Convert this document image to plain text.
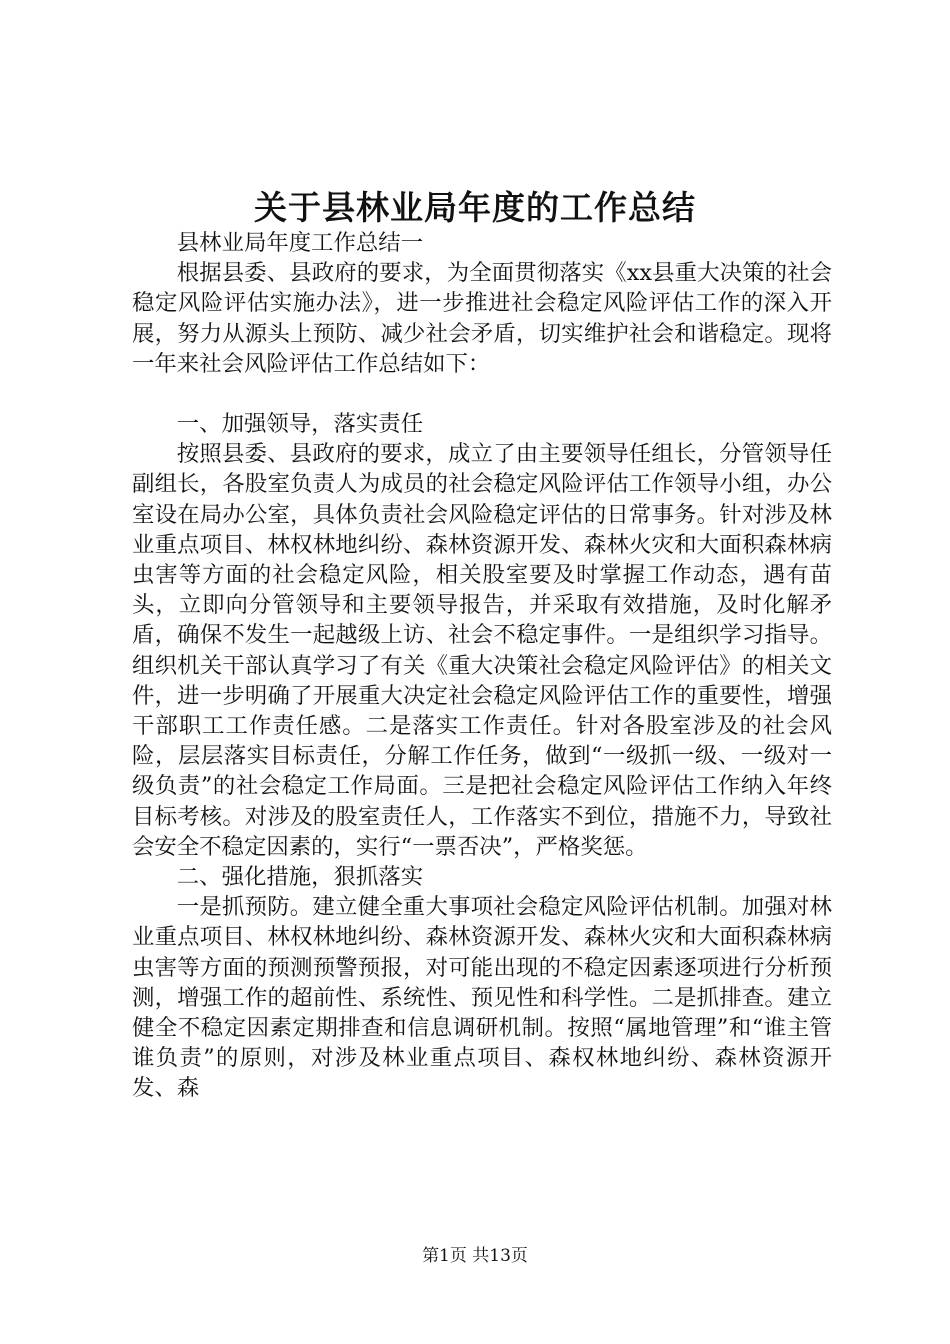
关于县林业局年度的工作总结

县林业局年度工作总结一

根据县委、县政府的要求，为全面贯彻落实《xx县重大决策的社会稳定风险评估实施办法》，进一步推进社会稳定风险评估工作的深入开展，努力从源头上预防、减少社会矛盾，切实维护社会和谐稳定。现将一年来社会风险评估工作总结如下：

一、加强领导，落实责任

按照县委、县政府的要求，成立了由主要领导任组长，分管领导任副组长，各股室负责人为成员的社会稳定风险评估工作领导小组，办公室设在局办公室，具体负责社会风险稳定评估的日常事务。针对涉及林业重点项目、林权林地纠纷、森林资源开发、森林火灾和大面积森林病虫害等方面的社会稳定风险，相关股室要及时掌握工作动态，遇有苗头，立即向分管领导和主要领导报告，并采取有效措施，及时化解矛盾，确保不发生一起越级上访、社会不稳定事件。一是组织学习指导。组织机关干部认真学习了有关《重大决策社会稳定风险评估》的相关文件，进一步明确了开展重大决定社会稳定风险评估工作的重要性，增强干部职工工作责任感。二是落实工作责任。针对各股室涉及的社会风险，层层落实目标责任，分解工作任务，做到“一级抓一级、一级对一级负责”的社会稳定工作局面。三是把社会稳定风险评估工作纳入年终目标考核。对涉及的股室责任人，工作落实不到位，措施不力，导致社会安全不稳定因素的，实行“一票否决”，严格奖惩。

二、强化措施，狠抓落实

一是抓预防。建立健全重大事项社会稳定风险评估机制。加强对林业重点项目、林权林地纠纷、森林资源开发、森林火灾和大面积森林病虫害等方面的预测预警预报，对可能出现的不稳定因素逐项进行分析预测，增强工作的超前性、系统性、预见性和科学性。二是抓排查。建立健全不稳定因素定期排查和信息调研机制。按照“属地管理”和“谁主管谁负责”的原则，对涉及林业重点项目、森权林地纠纷、森林资源开发、森

第1页 共13页
